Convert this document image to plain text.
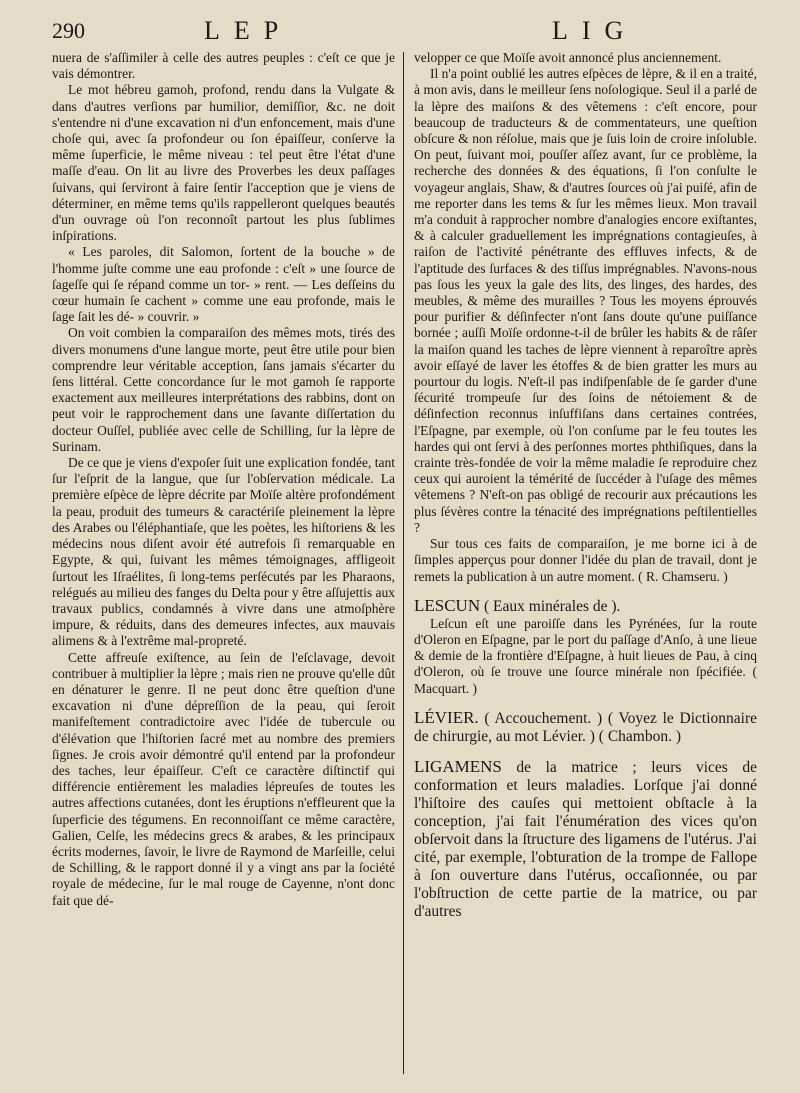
290	LEP	LIG

nuera de s'aſſimiler à celle des autres peuples : c'eſt ce que je vais démontrer.

Le mot hébreu gamoh, profond, rendu dans la Vulgate & dans d'autres verſions par humilior, demiſſior, &c. ne doit s'entendre ni d'une excavation ni d'un enfoncement, mais d'une choſe qui, avec ſa profondeur ou ſon épaiſſeur, conſerve la même ſuperficie, le même niveau : tel peut être l'état d'une maſſe d'eau. On lit au livre des Proverbes les deux paſſages ſuivans, qui ſerviront à faire ſentir l'acception que je viens de déterminer, en même tems qu'ils rappelleront quelques beautés d'un ouvrage où l'on reconnoît partout les plus ſublimes inſpirations.

« Les paroles, dit Salomon, ſortent de la bouche » de l'homme juſte comme une eau profonde : c'eſt » une ſource de ſageſſe qui ſe répand comme un tor- » rent. — Les deſſeins du cœur humain ſe cachent » comme une eau profonde, mais le ſage ſait les dé- » couvrir. »

On voit combien la comparaiſon des mêmes mots, tirés des divers monumens d'une langue morte, peut être utile pour bien comprendre leur véritable acception, ſans jamais s'écarter du ſens littéral. Cette concordance ſur le mot gamoh ſe rapporte exactement aux meilleures interprétations des rabbins, dont on peut voir le rapprochement dans une ſavante diſſertation du docteur Ouſſel, publiée avec celle de Schilling, ſur la lèpre de Surinam.

De ce que je viens d'expoſer ſuit une explication fondée, tant ſur l'eſprit de la langue, que ſur l'obſervation médicale. La première eſpèce de lèpre décrite par Moïſe altère profondément la peau, produit des tumeurs & caractériſe pleinement la lèpre des Arabes ou l'éléphantiaſe, que les poètes, les hiſtoriens & les médecins nous diſent avoir été autrefois ſi remarquable en Egypte, & qui, ſuivant les mêmes témoignages, affligeoit ſurtout les Iſraélites, ſi long-tems perſécutés par les Pharaons, relégués au milieu des fanges du Delta pour y être aſſujettis aux travaux publics, condamnés à vivre dans une atmoſphère impure, & réduits, dans des demeures infectes, aux mauvais alimens & à l'extrême mal-propreté.

Cette affreuſe exiſtence, au ſein de l'eſclavage, devoit contribuer à multiplier la lèpre ; mais rien ne prouve qu'elle dût en dénaturer le genre. Il ne peut donc être queſtion d'une excavation ni d'une dépreſſion de la peau, qui ſeroit manifeſtement contradictoire avec l'idée de tubercule ou d'élévation que l'hiſtorien ſacré met au nombre des premiers ſignes. Je crois avoir démontré qu'il entend par la profondeur des taches, leur épaiſſeur. C'eſt ce caractère diſtinctif qui différencie entièrement les maladies lépreuſes de toutes les autres affections cutanées, dont les éruptions n'effleurent que la ſuperficie des tégumens. En reconnoiſſant ce même caractère, Galien, Celſe, les médecins grecs & arabes, & les principaux écrits modernes, ſavoir, le livre de Raymond de Marſeille, celui de Schilling, & le rapport donné il y a vingt ans par la ſociété royale de médecine, ſur le mal rouge de Cayenne, n'ont donc fait que dé-

velopper ce que Moïſe avoit annoncé plus anciennement.

Il n'a point oublié les autres eſpèces de lèpre, & il en a traité, à mon avis, dans le meilleur ſens noſologique. Seul il a parlé de la lèpre des maiſons & des vêtemens : c'eſt encore, pour beaucoup de traducteurs & de commentateurs, une queſtion obſcure & non réſolue, mais que je ſuis loin de croire inſoluble. On peut, ſuivant moi, pouſſer aſſez avant, ſur ce problème, la recherche des données & des équations, ſi l'on conſulte le voyageur anglais, Shaw, & d'autres ſources où j'ai puiſé, afin de me reporter dans les tems & ſur les mêmes lieux. Mon travail m'a conduit à rapprocher nombre d'analogies encore exiſtantes, & à calculer graduellement les imprégnations contagieuſes, à raiſon de l'activité pénétrante des effluves infects, & de l'aptitude des ſurfaces & des tiſſus imprégnables. N'avons-nous pas ſous les yeux la gale des lits, des linges, des hardes, des meubles, & même des murailles ? Tous les moyens éprouvés pour purifier & déſinfecter n'ont ſans doute qu'une puiſſance bornée ; auſſi Moïſe ordonne-t-il de brûler les habits & de râſer la maiſon quand les taches de lèpre viennent à reparoître après avoir eſſayé de laver les étoffes & de bien gratter les murs au pourtour du logis. N'eſt-il pas indiſpenſable de ſe garder d'une ſécurité trompeuſe ſur des ſoins de nétoiement & de déſinfection reconnus inſuffiſans dans certaines contrées, l'Eſpagne, par exemple, où l'on conſume par le feu toutes les hardes qui ont ſervi à des perſonnes mortes phthiſiques, dans la crainte très-fondée de voir la même maladie ſe reproduire chez ceux qui auroient la témérité de ſuccéder à l'uſage des mêmes vêtemens ? N'eſt-on pas obligé de recourir aux précautions les plus ſévères contre la ténacité des imprégnations peſtilentielles ?

Sur tous ces faits de comparaiſon, je me borne ici à de ſimples apperçus pour donner l'idée du plan de travail, dont je remets la publication à un autre moment. ( R. Chamseru. )

LESCUN ( Eaux minérales de ).

Leſcun eſt une paroiſſe dans les Pyrénées, ſur la route d'Oleron en Eſpagne, par le port du paſſage d'Anſo, à une lieue & demie de la frontière d'Eſpagne, à huit lieues de Pau, à cinq d'Oleron, où ſe trouve une ſource minérale non ſpécifiée. ( Macquart. )

LÉVIER. ( Accouchement. ) ( Voyez le Dictionnaire de chirurgie, au mot Lévier. ) ( Chambon. )

LIGAMENS de la matrice ; leurs vices de conformation et leurs maladies. Lorſque j'ai donné l'hiſtoire des cauſes qui mettoient obſtacle à la conception, j'ai fait l'énumération des vices qu'on obſervoit dans la ſtructure des ligamens de l'utérus. J'ai cité, par exemple, l'obturation de la trompe de Fallope à ſon ouverture dans l'utérus, occaſionnée, ou par l'obſtruction de cette partie de la matrice, ou par d'autres
